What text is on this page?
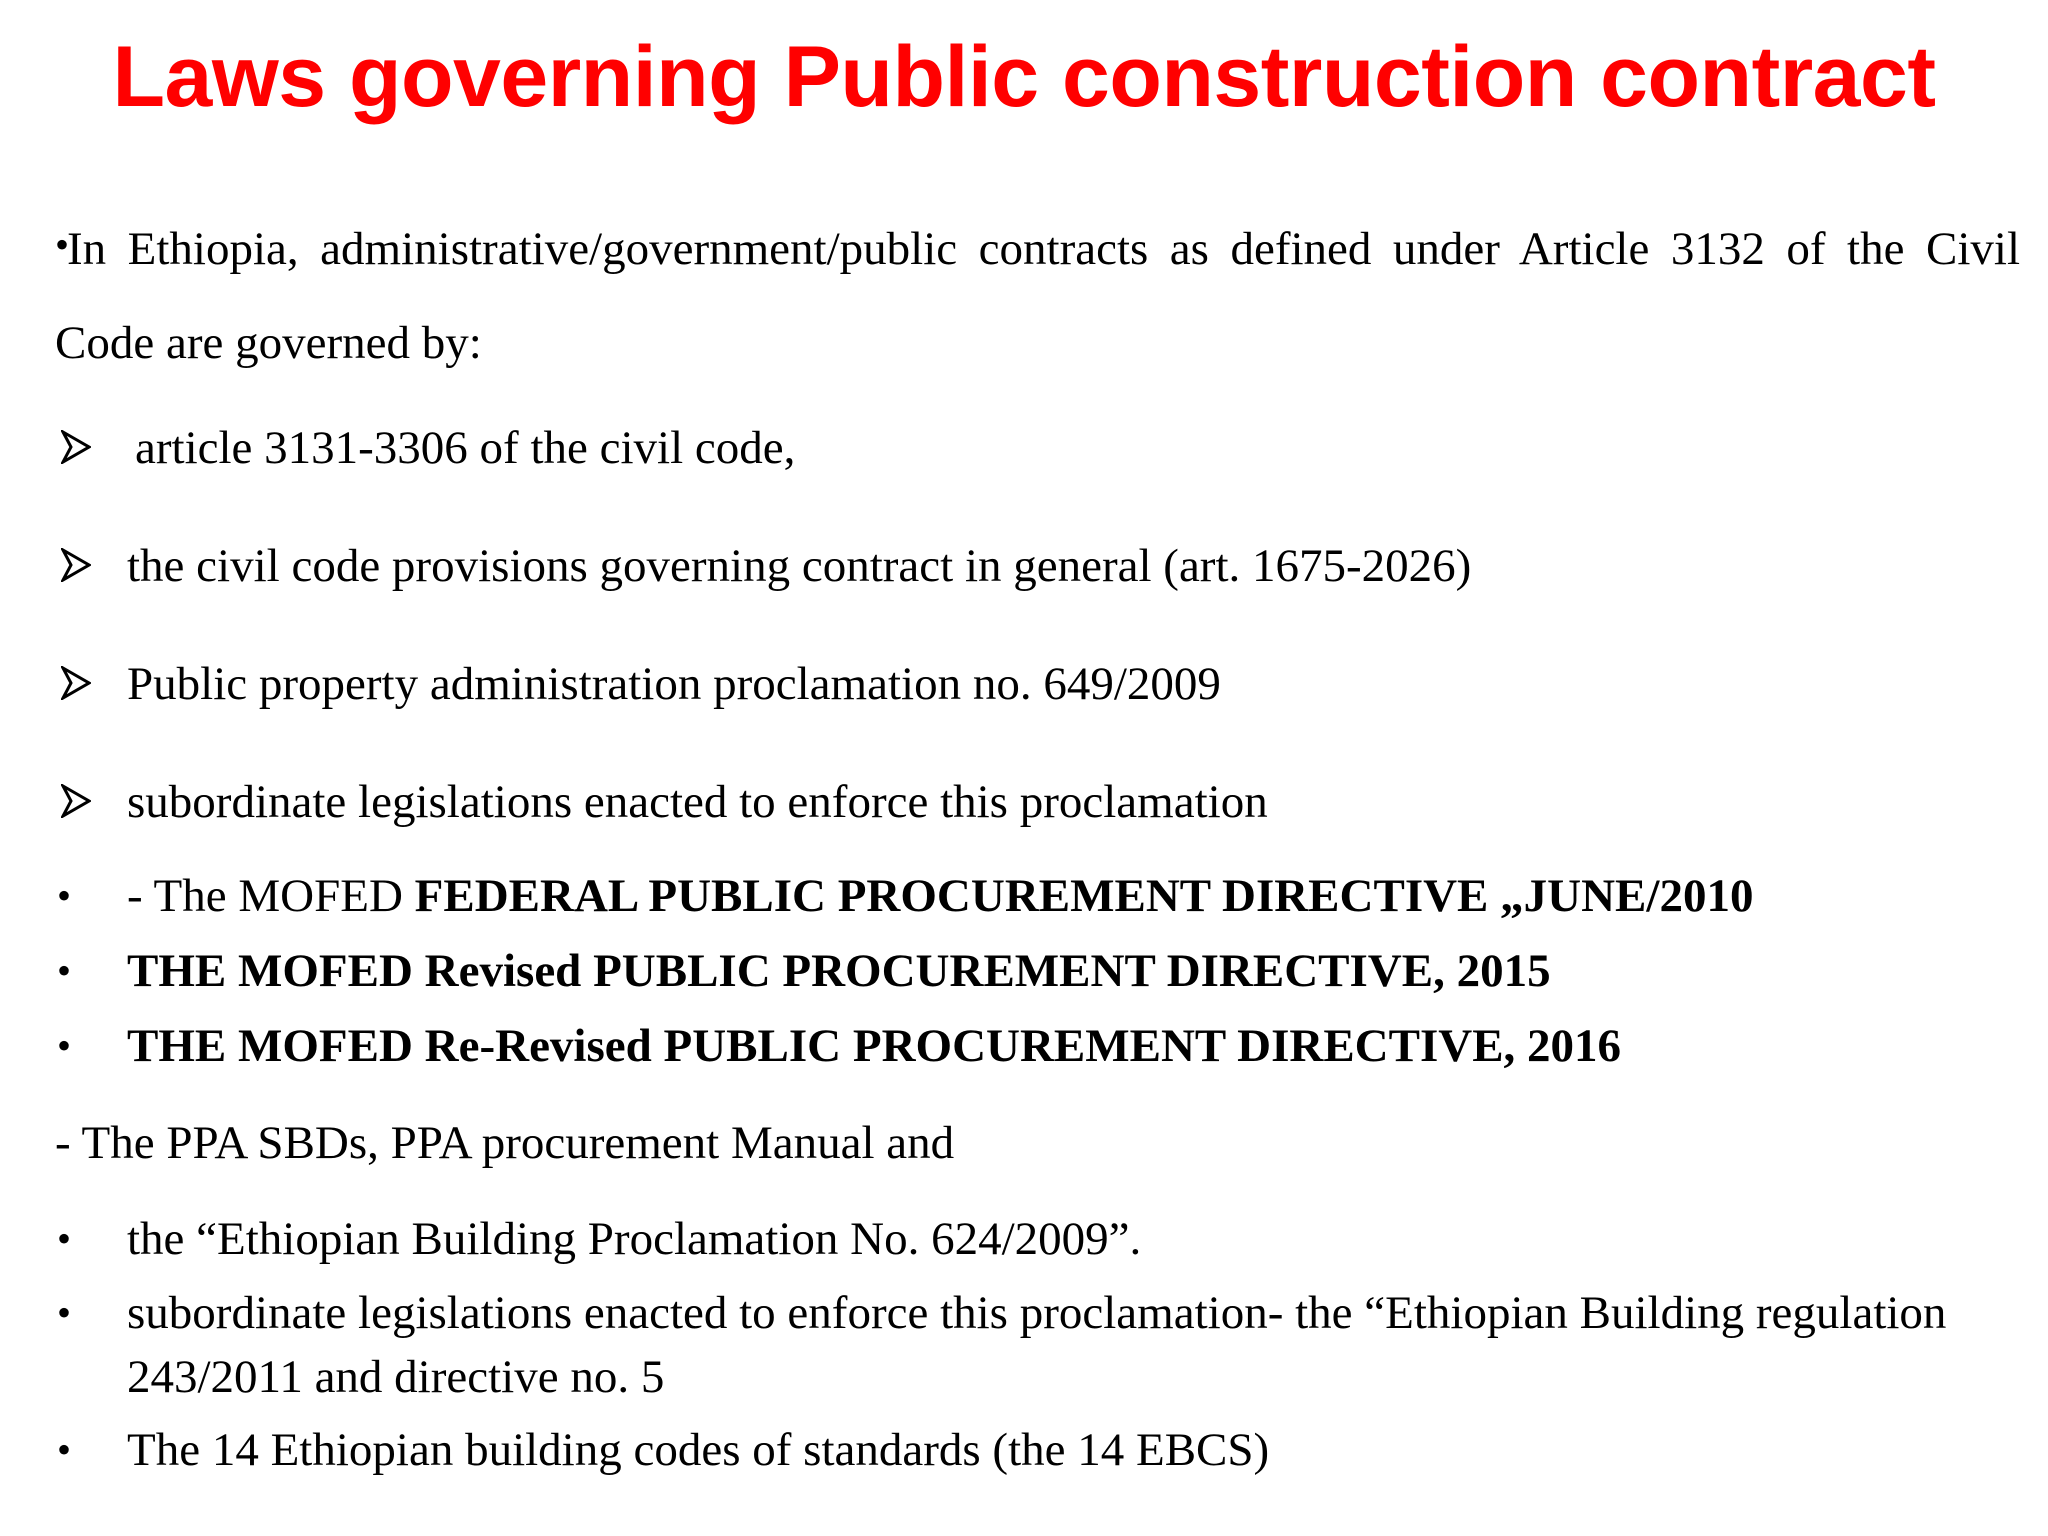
Laws governing Public construction contract
•In Ethiopia, administrative/government/public contracts as defined under Article 3132 of the Civil Code are governed by:
article 3131-3306 of the civil code,
the civil code provisions governing contract in general (art. 1675-2026)
Public property administration proclamation no. 649/2009
subordinate legislations enacted to enforce this proclamation
• - The MOFED FEDERAL PUBLIC PROCUREMENT DIRECTIVE „JUNE/2010
• THE MOFED Revised PUBLIC PROCUREMENT DIRECTIVE, 2015
• THE MOFED Re-Revised PUBLIC PROCUREMENT DIRECTIVE, 2016
- The PPA SBDs, PPA procurement Manual and
• the “Ethiopian Building Proclamation No. 624/2009”.
• subordinate legislations enacted to enforce this proclamation- the “Ethiopian Building regulation 243/2011 and directive no. 5
• The 14 Ethiopian building codes of standards (the 14 EBCS)
